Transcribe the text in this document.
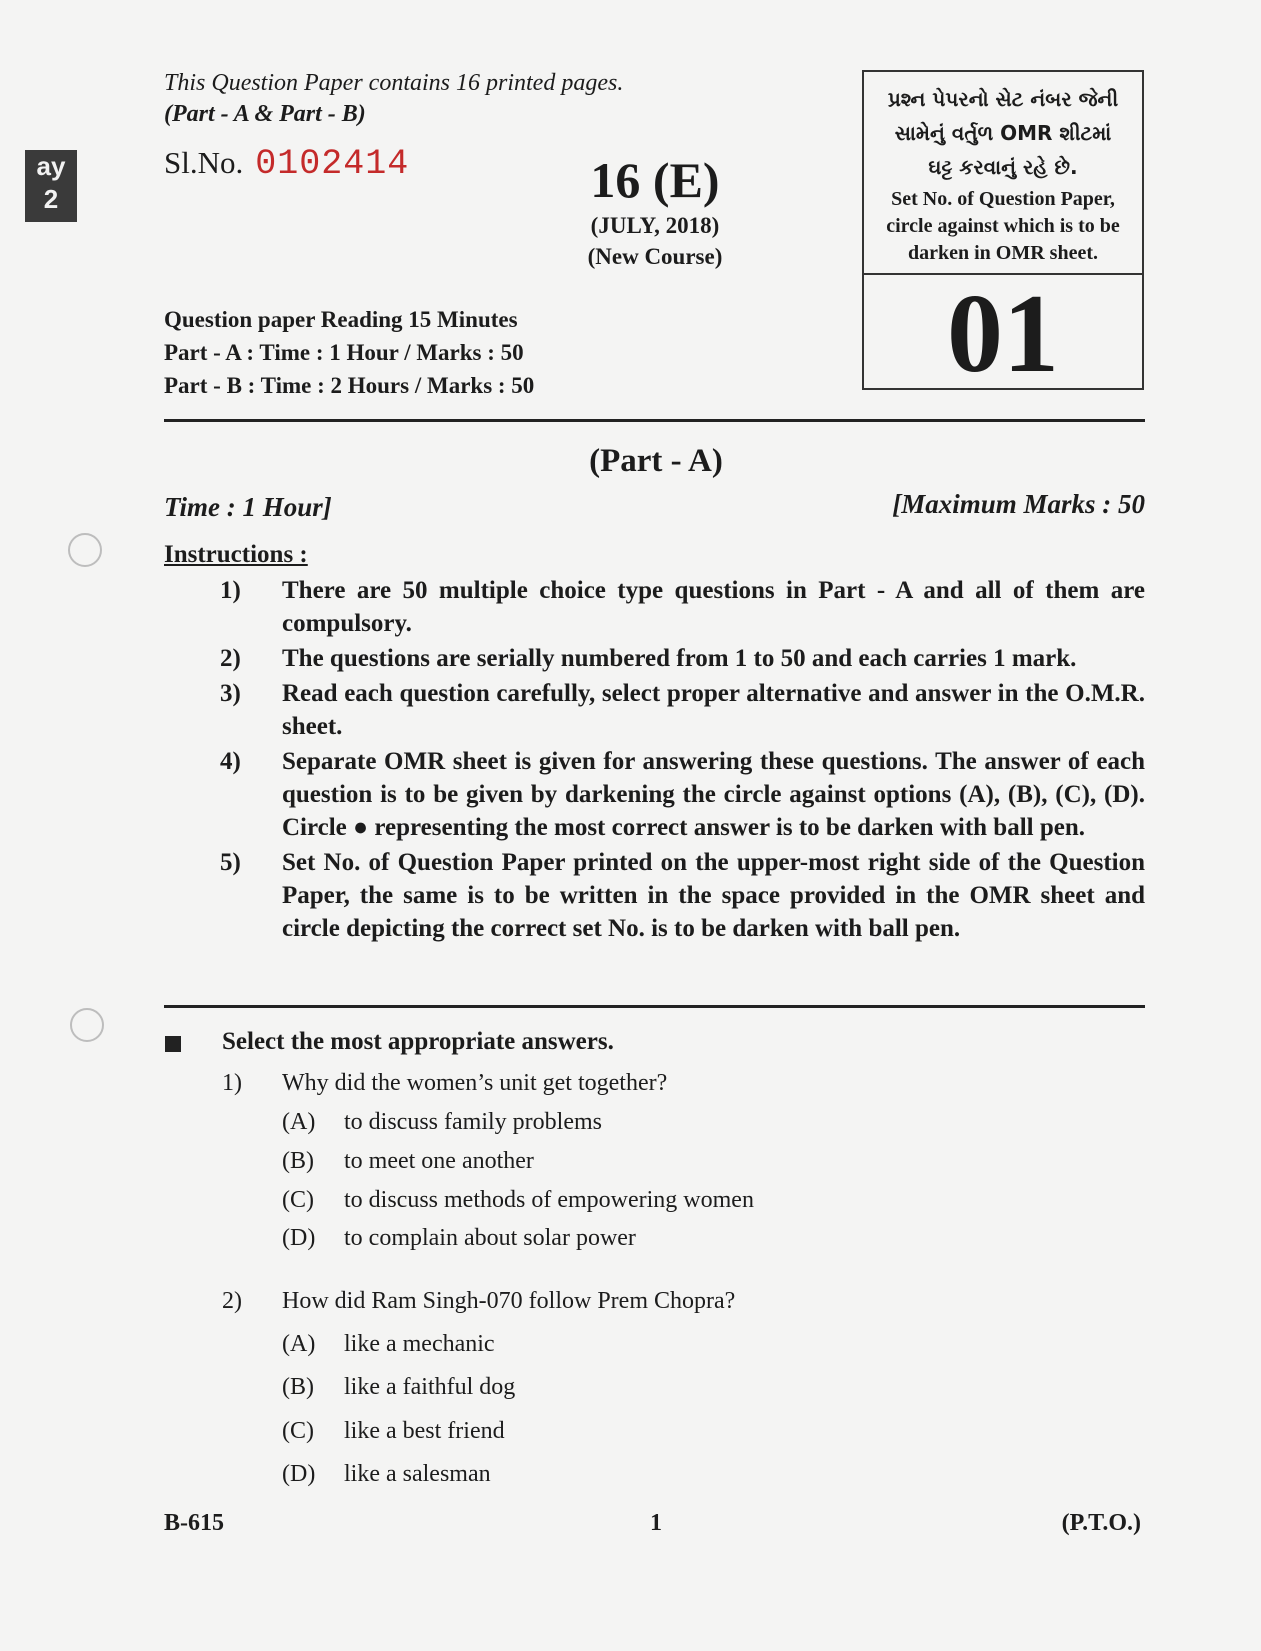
ay
2
This Question Paper contains 16 printed pages.
(Part - A & Part - B)
Sl.No. 0102414	16 (E)
(JULY, 2018)
(New Course)
પ્રશ્ન પેપરનો સેટ નંબર જેની
સામેનું વર્તુળ OMR શીટમાં
ઘટ્ટ કરવાનું રહે છે.
Set No. of Question Paper,
circle against which is to be
darken in OMR sheet.
01
Question paper Reading 15 Minutes
Part - A : Time : 1 Hour / Marks : 50
Part - B : Time : 2 Hours / Marks : 50
(Part - A)
Time : 1 Hour]	[Maximum Marks : 50
Instructions :
1)	There are 50 multiple choice type questions in Part - A and all of them are compulsory.
2)	The questions are serially numbered from 1 to 50 and each carries 1 mark.
3)	Read each question carefully, select proper alternative and answer in the O.M.R. sheet.
4)	Separate OMR sheet is given for answering these questions. The answer of each question is to be given by darkening the circle against options (A), (B), (C), (D). Circle ● representing the most correct answer is to be darken with ball pen.
5)	Set No. of Question Paper printed on the upper-most right side of the Question Paper, the same is to be written in the space provided in the OMR sheet and circle depicting the correct set No. is to be darken with ball pen.
Select the most appropriate answers.
1)	Why did the women’s unit get together?
(A) to discuss family problems
(B) to meet one another
(C) to discuss methods of empowering women
(D) to complain about solar power
2)	How did Ram Singh-070 follow Prem Chopra?
(A) like a mechanic
(B) like a faithful dog
(C) like a best friend
(D) like a salesman
B-615	1	(P.T.O.)
